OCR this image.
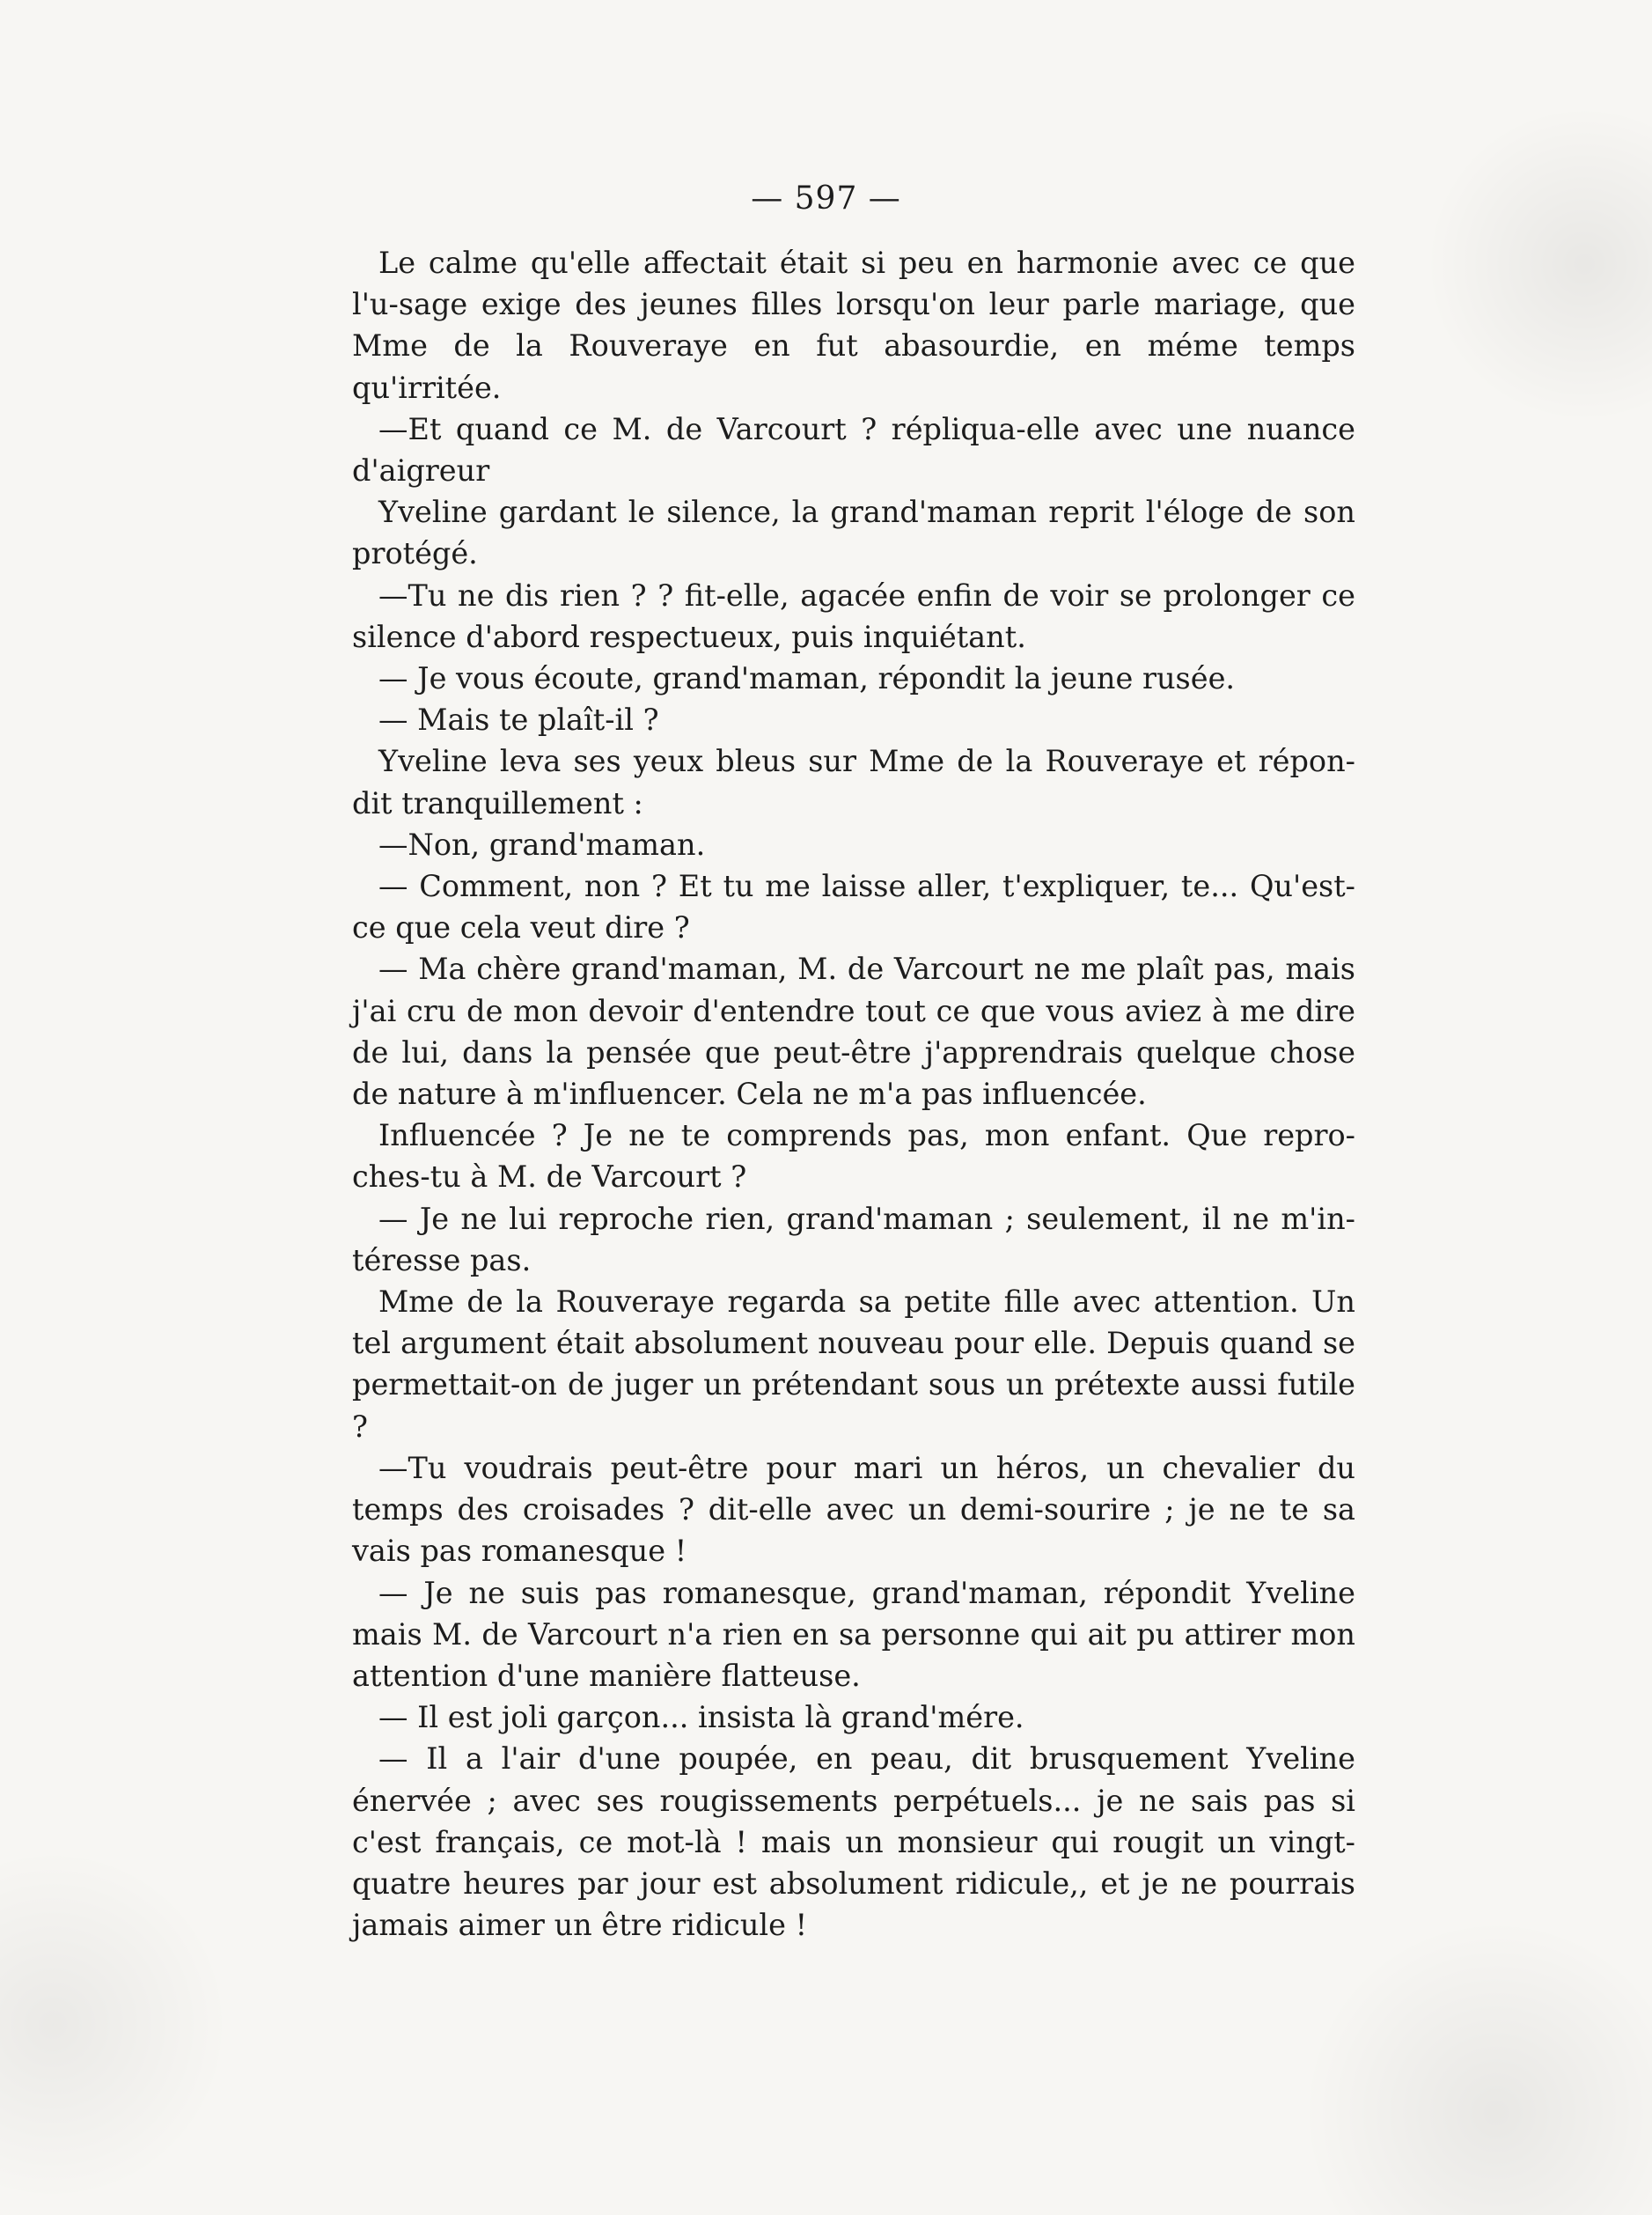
— 597 —

Le calme qu'elle affectait était si peu en harmonie avec ce que l'u-sage exige des jeunes filles lorsqu'on leur parle mariage, que Mme de la Rouveraye en fut abasourdie, en méme temps qu'irritée.

—Et quand ce M. de Varcourt ? répliqua-elle avec une nuance d'aigreur

Yveline gardant le silence, la grand'maman reprit l'éloge de son protégé.

—Tu ne dis rien ? ? fit-elle, agacée enfin de voir se prolonger ce silence d'abord respectueux, puis inquiétant.

— Je vous écoute, grand'maman, répondit la jeune rusée.

— Mais te plaît-il ?

Yveline leva ses yeux bleus sur Mme de la Rouveraye et répon-dit tranquillement :

—Non, grand'maman.

— Comment, non ? Et tu me laisse aller, t'expliquer, te... Qu'est-ce que cela veut dire ?

— Ma chère grand'maman, M. de Varcourt ne me plaît pas, mais j'ai cru de mon devoir d'entendre tout ce que vous aviez à me dire de lui, dans la pensée que peut-être j'apprendrais quelque chose de nature à m'influencer. Cela ne m'a pas influencée.

Influencée ? Je ne te comprends pas, mon enfant. Que repro-ches-tu à M. de Varcourt ?

— Je ne lui reproche rien, grand'maman ; seulement, il ne m'in-téresse pas.

Mme de la Rouveraye regarda sa petite fille avec attention. Un tel argument était absolument nouveau pour elle. Depuis quand se permettait-on de juger un prétendant sous un prétexte aussi futile ?

—Tu voudrais peut-être pour mari un héros, un chevalier du temps des croisades ? dit-elle avec un demi-sourire ; je ne te sa vais pas romanesque !

— Je ne suis pas romanesque, grand'maman, répondit Yveline mais M. de Varcourt n'a rien en sa personne qui ait pu attirer mon attention d'une manière flatteuse.

— Il est joli garçon... insista là grand'mére.

— Il a l'air d'une poupée, en peau, dit brusquement Yveline énervée ; avec ses rougissements perpétuels... je ne sais pas si c'est français, ce mot-là ! mais un monsieur qui rougit un vingt-quatre heures par jour est absolument ridicule,, et je ne pourrais jamais aimer un être ridicule !
